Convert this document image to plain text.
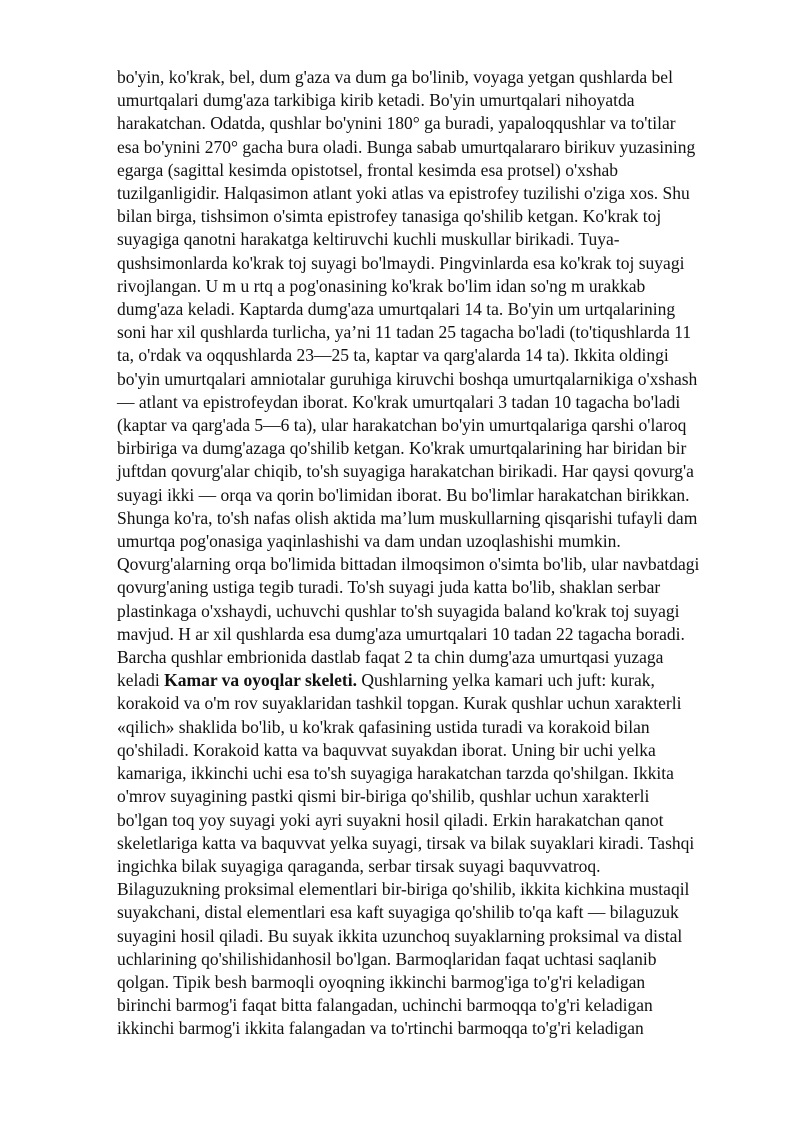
bo'yin, ko'krak, bel, dum g'aza va dum ga bo'linib, voyaga yetgan qushlarda bel
umurtqalari dumg'aza tarkibiga kirib ketadi. Bo'yin umurtqalari nihoyatda
harakatchan. Odatda, qushlar bo'ynini 180° ga buradi, yapaloqqushlar va to'tilar
esa bo'ynini 270° gacha bura oladi. Bunga sabab umurtqalararo birikuv yuzasining
egarga (sagittal kesimda opistotsel, frontal kesimda esa protsel) o'xshab
tuzilganligidir. Halqasimon atlant yoki atlas va epistrofey tuzilishi o'ziga xos. Shu
bilan birga, tishsimon o'simta epistrofey tanasiga qo'shilib ketgan. Ko'krak toj
suyagiga qanotni harakatga keltiruvchi kuchli muskullar birikadi. Tuya-
qushsimonlarda ko'krak toj suyagi bo'lmaydi. Pingvinlarda esa ko'krak toj suyagi
rivojlangan. U m u rtq a pog'onasining ko'krak bo'lim idan so'ng m urakkab
dumg'aza keladi. Kaptarda dumg'aza umurtqalari 14 ta. Bo'yin um urtqalarining
soni har xil qushlarda turlicha, ya’ni 11 tadan 25 tagacha bo'ladi (to'tiqushlarda 11
ta, o'rdak va oqqushlarda 23—25 ta, kaptar va qarg'alarda 14 ta). Ikkita oldingi
bo'yin umurtqalari amniotalar guruhiga kiruvchi boshqa umurtqalarnikiga o'xshash
— atlant va epistrofeydan iborat. Ko'krak umurtqalari 3 tadan 10 tagacha bo'ladi
(kaptar va qarg'ada 5—6 ta), ular harakatchan bo'yin umurtqalariga qarshi o'laroq
birbiriga va dumg'azaga qo'shilib ketgan. Ko'krak umurtqalarining har biridan bir
juftdan qovurg'alar chiqib, to'sh suyagiga harakatchan birikadi. Har qaysi qovurg'a
suyagi ikki — orqa va qorin bo'limidan iborat. Bu bo'limlar harakatchan birikkan.
Shunga ko'ra, to'sh nafas olish aktida ma’lum muskullarning qisqarishi tufayli dam
umurtqa pog'onasiga yaqinlashishi va dam undan uzoqlashishi mumkin.
Qovurg'alarning orqa bo'limida bittadan ilmoqsimon o'simta bo'lib, ular navbatdagi
qovurg'aning ustiga tegib turadi. To'sh suyagi juda katta bo'lib, shaklan serbar
plastinkaga o'xshaydi, uchuvchi qushlar to'sh suyagida baland ko'krak toj suyagi
mavjud. H ar xil qushlarda esa dumg'aza umurtqalari 10 tadan 22 tagacha boradi.
Barcha qushlar embrionida dastlab faqat 2 ta chin dumg'aza umurtqasi yuzaga
keladi Kamar va oyoqlar skeleti. Qushlarning yelka kamari uch juft: kurak,
korakoid va o'm rov suyaklaridan tashkil topgan. Kurak qushlar uchun xarakterli
«qilich» shaklida bo'lib, u ko'krak qafasining ustida turadi va korakoid bilan
qo'shiladi. Korakoid katta va baquvvat suyakdan iborat. Uning bir uchi yelka
kamariga, ikkinchi uchi esa to'sh suyagiga harakatchan tarzda qo'shilgan. Ikkita
o'mrov suyagining pastki qismi bir-biriga qo'shilib, qushlar uchun xarakterli
bo'lgan toq yoy suyagi yoki ayri suyakni hosil qiladi. Erkin harakatchan qanot
skeletlariga katta va baquvvat yelka suyagi, tirsak va bilak suyaklari kiradi. Tashqi
ingichka bilak suyagiga qaraganda, serbar tirsak suyagi baquvvatroq.
Bilaguzukning proksimal elementlari bir-biriga qo'shilib, ikkita kichkina mustaqil
suyakchani, distal elementlari esa kaft suyagiga qo'shilib to'qa kaft — bilaguzuk
suyagini hosil qiladi. Bu suyak ikkita uzunchoq suyaklarning proksimal va distal
uchlarining qo'shilishidanhosil bo'lgan. Barmoqlaridan faqat uchtasi saqlanib
qolgan. Tipik besh barmoqli oyoqning ikkinchi barmog'iga to'g'ri keladigan
birinchi barmog'i faqat bitta falangadan, uchinchi barmoqqa to'g'ri keladigan
ikkinchi barmog'i ikkita falangadan va to'rtinchi barmoqqa to'g'ri keladigan
